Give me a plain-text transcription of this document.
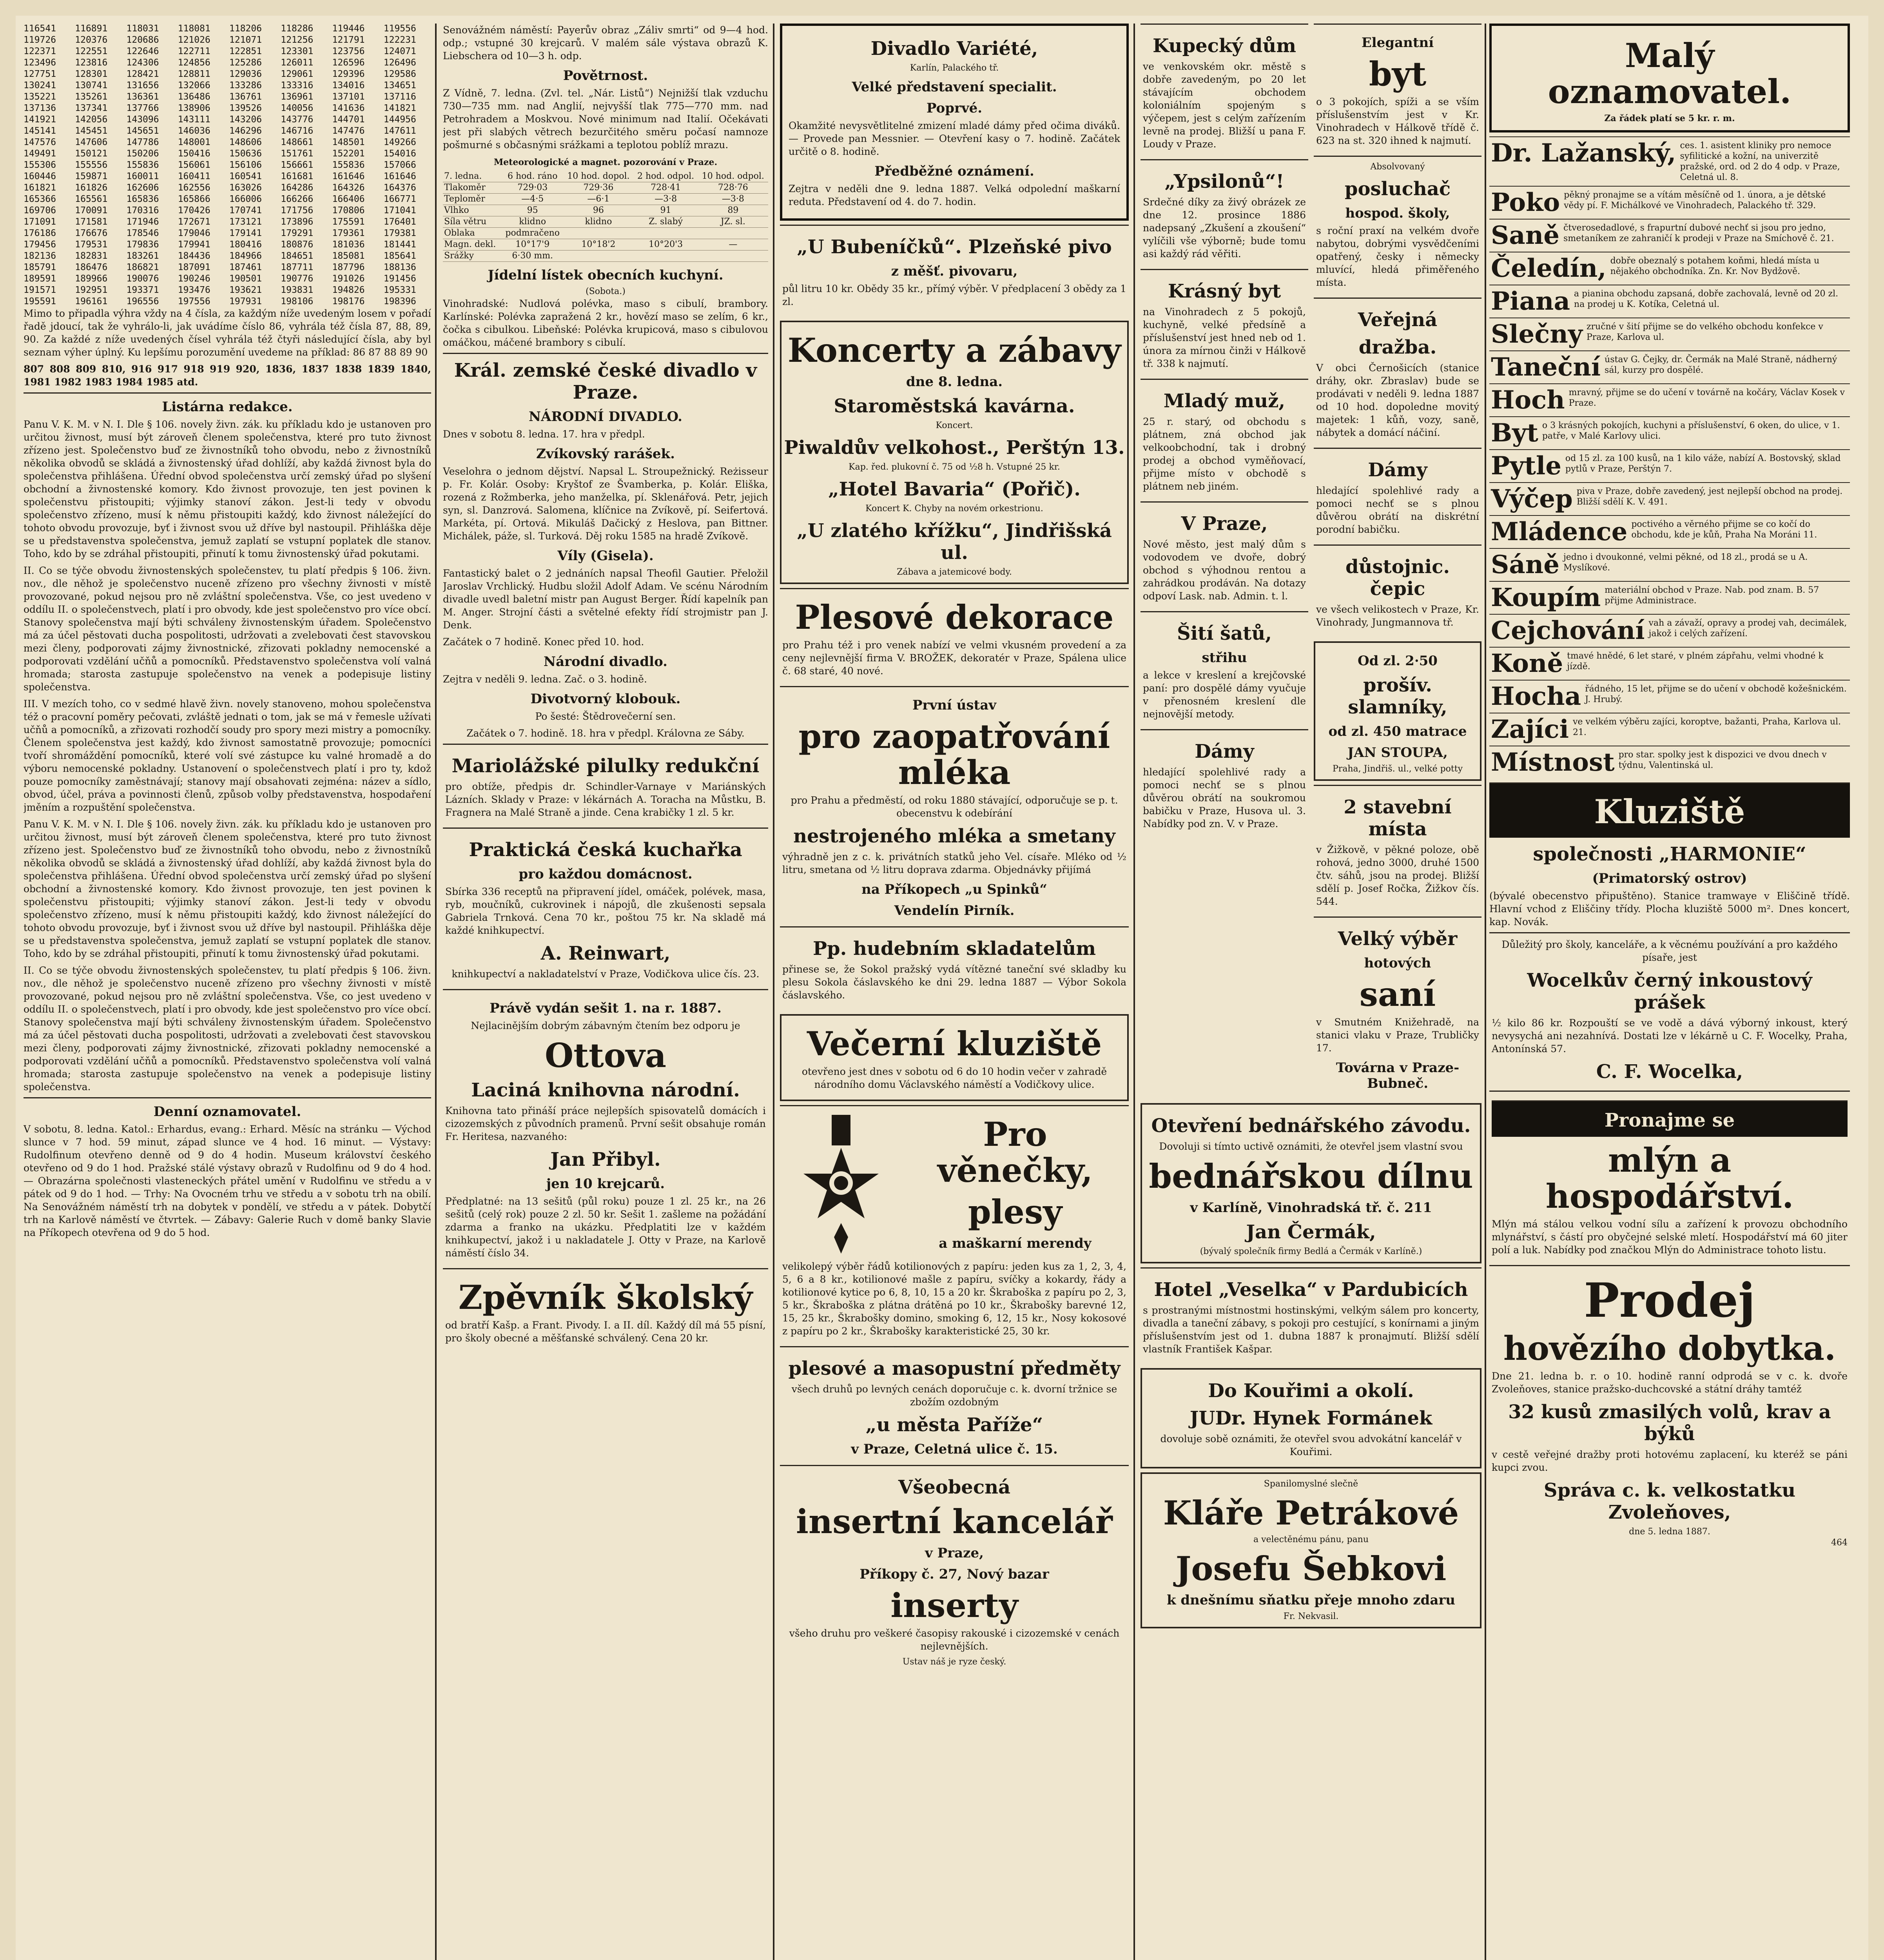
116541	116891	118031	118081	118206	118286	119446	119556
119726	120376	120686	121026	121071	121256	121791	122231
122371	122551	122646	122711	122851	123301	123756	124071
123496	123816	124306	124856	125286	126011	126596	126496
127751	128301	128421	128811	129036	129061	129396	129586
130241	130741	131656	132066	133286	133316	134016	134651
135221	135261	136361	136486	136761	136961	137101	137116
137136	137341	137766	138906	139526	140056	141636	141821
141921	142056	143096	143111	143206	143776	144701	144956
145141	145451	145651	146036	146296	146716	147476	147611
147576	147606	147786	148001	148606	148661	148501	149266
149491	150121	150206	150416	150636	151761	152201	154016
155306	155556	155836	156061	156106	156661	155836	157066
160446	159871	160011	160411	160541	161681	161646	161646
161821	161826	162606	162556	163026	164286	164326	164376
165366	165561	165836	165866	166006	166266	166406	166771
169706	170091	170316	170426	170741	171756	170806	171041
171091	171581	171946	172671	173121	173896	175591	176401
176186	176676	178546	179046	179141	179291	179361	179381
179456	179531	179836	179941	180416	180876	181036	181441
182136	182831	183261	184436	184966	184651	185081	185641
185791	186476	186821	187091	187461	187711	187796	188136
189591	189966	190076	190246	190501	190776	191026	191456
191571	192951	193371	193476	193621	193831	194826	195331
195591	196161	196556	197556	197931	198106	198176	198396

Mimo to připadla výhra vždy na 4 čísla, za každým níže uvedeným losem v pořadí řadě jdoucí, tak že vyhrálo-li, jak uvádíme číslo 86, vyhrála též čísla 87, 88, 89, 90. Za každé z níže uvedených čísel vyhrála též čtyři následující čísla, aby byl seznam výher úplný. Ku lepšímu porozumění uvedeme na příklad: 86 87 88 89 90

807 808 809 810, 916 917 918 919 920, 1836, 1837 1838 1839 1840, 1981 1982 1983 1984 1985 atd.

Listárna redakce.

Panu V. K. M. v N. I. Dle § 106. novely živn. zák. ku příkladu kdo je ustanoven pro určitou živnost, musí být zároveň členem společenstva, které pro tuto živnost zřízeno jest. Společenstvo buď ze živnostníků toho obvodu, nebo z živnostníků několika obvodů se skládá a živnostenský úřad dohlíží, aby každá živnost byla do společenstva přihlášena. Úřední obvod společenstva určí zemský úřad po slyšení obchodní a živnostenské komory. Kdo živnost provozuje, ten jest povinen k společenstvu přistoupiti; výjimky stanoví zákon. Jest-li tedy v obvodu společenstvo zřízeno, musí k němu přistoupiti každý, kdo živnost náležející do tohoto obvodu provozuje, byť i živnost svou už dříve byl nastoupil. Přihláška děje se u představenstva společenstva, jemuž zaplatí se vstupní poplatek dle stanov. Toho, kdo by se zdráhal přistoupiti, přinutí k tomu živnostenský úřad pokutami.

II. Co se týče obvodu živnostenských společenstev, tu platí předpis § 106. živn. nov., dle něhož je společenstvo nuceně zřízeno pro všechny živnosti v místě provozované, pokud nejsou pro ně zvláštní společenstva. Vše, co jest uvedeno v oddílu II. o společenstvech, platí i pro obvody, kde jest společenstvo pro více obcí. Stanovy společenstva mají býti schváleny živnostenským úřadem. Společenstvo má za účel pěstovati ducha pospolitosti, udržovati a zvelebovati čest stavovskou mezi členy, podporovati zájmy živnostnické, zřizovati pokladny nemocenské a podporovati vzdělání učňů a pomocníků. Představenstvo společenstva volí valná hromada; starosta zastupuje společenstvo na venek a podepisuje listiny společenstva.

III. V mezích toho, co v sedmé hlavě živn. novely stanoveno, mohou společenstva též o pracovní poměry pečovati, zvláště jednati o tom, jak se má v řemesle užívati učňů a pomocníků, a zřizovati rozhodčí soudy pro spory mezi mistry a pomocníky. Členem společenstva jest každý, kdo živnost samostatně provozuje; pomocníci tvoří shromáždění pomocníků, které volí své zástupce ku valné hromadě a do výboru nemocenské pokladny. Ustanovení o společenstvech platí i pro ty, kdož pouze pomocníky zaměstnávají; stanovy mají obsahovati zejména: název a sídlo, obvod, účel, práva a povinnosti členů, způsob volby představenstva, hospodaření jměním a rozpuštění společenstva.

Panu V. K. M. v N. I. Dle § 106. novely živn. zák. ku příkladu kdo je ustanoven pro určitou živnost, musí být zároveň členem společenstva, které pro tuto živnost zřízeno jest. Společenstvo buď ze živnostníků toho obvodu, nebo z živnostníků několika obvodů se skládá a živnostenský úřad dohlíží, aby každá živnost byla do společenstva přihlášena. Úřední obvod společenstva určí zemský úřad po slyšení obchodní a živnostenské komory. Kdo živnost provozuje, ten jest povinen k společenstvu přistoupiti; výjimky stanoví zákon. Jest-li tedy v obvodu společenstvo zřízeno, musí k němu přistoupiti každý, kdo živnost náležející do tohoto obvodu provozuje, byť i živnost svou už dříve byl nastoupil. Přihláška děje se u představenstva společenstva, jemuž zaplatí se vstupní poplatek dle stanov. Toho, kdo by se zdráhal přistoupiti, přinutí k tomu živnostenský úřad pokutami.

II. Co se týče obvodu živnostenských společenstev, tu platí předpis § 106. živn. nov., dle něhož je společenstvo nuceně zřízeno pro všechny živnosti v místě provozované, pokud nejsou pro ně zvláštní společenstva. Vše, co jest uvedeno v oddílu II. o společenstvech, platí i pro obvody, kde jest společenstvo pro více obcí. Stanovy společenstva mají býti schváleny živnostenským úřadem. Společenstvo má za účel pěstovati ducha pospolitosti, udržovati a zvelebovati čest stavovskou mezi členy, podporovati zájmy živnostnické, zřizovati pokladny nemocenské a podporovati vzdělání učňů a pomocníků. Představenstvo společenstva volí valná hromada; starosta zastupuje společenstvo na venek a podepisuje listiny společenstva.

Denní oznamovatel.

V sobotu, 8. ledna. Katol.: Erhardus, evang.: Erhard. Měsíc na stránku — Východ slunce v 7 hod. 59 minut, západ slunce ve 4 hod. 16 minut. — Výstavy: Rudolfinum otevřeno denně od 9 do 4 hodin. Museum království českého otevřeno od 9 do 1 hod. Pražské stálé výstavy obrazů v Rudolfinu od 9 do 4 hod. — Obrazárna společnosti vlasteneckých přátel umění v Rudolfinu ve středu a v pátek od 9 do 1 hod. — Trhy: Na Ovocném trhu ve středu a v sobotu trh na obilí. Na Senovážném náměstí trh na dobytek v pondělí, ve středu a v pátek. Dobytčí trh na Karlově náměstí ve čtvrtek. — Zábavy: Galerie Ruch v domě banky Slavie na Příkopech otevřena od 9 do 5 hod.

Senovážném náměstí: Payerův obraz „Záliv smrti“ od 9—4 hod. odp.; vstupné 30 krejcarů. V malém sále výstava obrazů K. Liebschera od 10—3 h. odp.

Povětrnost.

Z Vídně, 7. ledna. (Zvl. tel. „Nár. Listů“) Nejnižší tlak vzduchu 730—735 mm. nad Anglií, nejvyšší tlak 775—770 mm. nad Petrohradem a Moskvou. Nové minimum nad Italií. Očekávati jest při slabých větrech bezurčitého směru počasí namnoze pošmurné s občasnými srážkami a teplotou poblíž mrazu.

Meteorologické a magnet. pozorování v Praze.
7. ledna.	6 hod. ráno	10 hod. dopol.	2 hod. odpol.	10 hod. odpol.
Tlakoměr	729·03	729·36	728·41	728·76
Teploměr	—4·5	—6·1	—3·8	—3·8
Vlhko	95	96	91	89
Síla větru	klidno	klidno	Z. slabý	JZ. sl.
Oblaka	podmračeno			
Magn. dekl.	10°17'9	10°18'2	10°20'3	—
Srážky	6·30 mm.			
Jídelní lístek obecních kuchyní.
(Sobota.)

Vinohradské: Nudlová polévka, maso s cibulí, brambory. Karlínské: Polévka zapražená 2 kr., hovězí maso se zelím, 6 kr., čočka s cibulkou. Libeňské: Polévka krupicová, maso s cibulovou omáčkou, máčené brambory s cibulí.

Král. zemské české divadlo v Praze.
NÁRODNÍ DIVADLO.

Dnes v sobotu 8. ledna. 17. hra v předpl.

Zvíkovský rarášek.

Veselohra o jednom dějství. Napsal L. Stroupežnický. Reżisseur p. Fr. Kolár. Osoby: Kryštof ze Švamberka, p. Kolár. Eliška, rozená z Rožmberka, jeho manželka, pí. Sklenářová. Petr, jejich syn, sl. Danzrová. Salomena, klíčnice na Zvíkově, pí. Seifertová. Markéta, pí. Ortová. Mikuláš Dačický z Heslova, pan Bittner. Michálek, páže, sl. Turková. Děj roku 1585 na hradě Zvíkově.

Víly (Gisela).

Fantastický balet o 2 jednáních napsal Theofil Gautier. Přeložil Jaroslav Vrchlický. Hudbu složil Adolf Adam. Ve scénu Národním divadle uvedl baletní mistr pan August Berger. Řídí kapelník pan M. Anger. Strojní části a světelné efekty řídí strojmistr pan J. Denk.

Začátek o 7 hodině. Konec před 10. hod.

Národní divadlo.

Zejtra v neděli 9. ledna. Zač. o 3. hodině.

Divotvorný klobouk.

Po šesté: Štědrovečerní sen.

Začátek o 7. hodině. 18. hra v předpl. Královna ze Sáby.

Mariolážské pilulky redukční

pro obtíže, předpis dr. Schindler-Varnaye v Mariánských Lázních. Sklady v Praze: v lékárnách A. Toracha na Můstku, B. Fragnera na Malé Straně a jinde. Cena krabičky 1 zl. 5 kr.

Praktická česká kuchařka
pro každou domácnost.

Sbírka 336 receptů na připravení jídel, omáček, polévek, masa, ryb, moučníků, cukrovinek i nápojů, dle zkušenosti sepsala Gabriela Trnková. Cena 70 kr., poštou 75 kr. Na skladě má každé knihkupectví.

A. Reinwart,

knihkupectví a nakladatelství v Praze, Vodičkova ulice čís. 23.

Právě vydán sešit 1. na r. 1887.

Nejlacinějším dobrým zábavným čtením bez odporu je

Ottova
Laciná knihovna národní.

Knihovna tato přináší práce nejlepších spisovatelů domácích i cizozemských z původních pramenů. První sešit obsahuje román Fr. Heritesa, nazvaného:

Jan Přibyl.
jen 10 krejcarů.

Předplatné: na 13 sešitů (půl roku) pouze 1 zl. 25 kr., na 26 sešitů (celý rok) pouze 2 zl. 50 kr. Sešit 1. zašleme na požádání zdarma a franko na ukázku. Předplatiti lze v každém knihkupectví, jakož i u nakladatele J. Otty v Praze, na Karlově náměstí číslo 34.

Zpěvník školský

od bratří Kašp. a Frant. Pivody. I. a II. díl. Každý díl má 55 písní, pro školy obecné a měšťanské schválený. Cena 20 kr.

Divadlo Variété,
Karlín, Palackého tř.
Velké představení specialit.
Poprvé.

Okamžité nevysvětlitelné zmizení mladé dámy před očima diváků. — Provede pan Messnier. — Otevření kasy o 7. hodině. Začátek určitě o 8. hodině.

Předběžné oznámení.

Zejtra v neděli dne 9. ledna 1887. Velká odpolední maškarní reduta. Představení od 4. do 7. hodin.

„U Bubeníčků“. Plzeňské pivo
z měšť. pivovaru,

půl litru 10 kr. Obědy 35 kr., přímý výběr. V předplacení 3 obědy za 1 zl.

Koncerty a zábavy
dne 8. ledna.
Staroměstská kavárna.
Koncert.
Piwaldův velkohost., Perštýn 13.
Kap. řed. plukovní č. 75 od ½8 h. Vstupné 25 kr.
„Hotel Bavaria“ (Pořič).
Koncert K. Chyby na novém orkestrionu.
„U zlatého křížku“, Jindřišská ul.
Zábava a jatemicové body.
Plesové dekorace

pro Prahu též i pro venek nabízí ve velmi vkusném provedení a za ceny nejlevnější firma V. BROŽEK, dekoratér v Praze, Spálena ulice č. 68 staré, 40 nové.

První ústav
pro zaopatřování mléka

pro Prahu a předměstí, od roku 1880 stávající, odporučuje se p. t. obecenstvu k odebírání

nestrojeného mléka a smetany

výhradně jen z c. k. privátních statků jeho Vel. císaře. Mléko od ½ litru, smetana od ½ litru doprava zdarma. Objednávky přijímá

na Příkopech „u Spinků“
Vendelín Pirník.
Pp. hudebním skladatelům

přinese se, že Sokol pražský vydá vítězné taneční své skladby ku plesu Sokola čáslavského ke dni 29. ledna 1887 — Výbor Sokola čáslavského.

Večerní kluziště

otevřeno jest dnes v sobotu od 6 do 10 hodin večer v zahradě národního domu Václavského náměstí a Vodičkovy ulice.

Pro věnečky,
plesy
a maškarní merendy

velikolepý výběr řádů kotilionových z papíru: jeden kus za 1, 2, 3, 4, 5, 6 a 8 kr., kotilionové mašle z papíru, svíčky a kokardy, řády a kotilionové kytice po 6, 8, 10, 15 a 20 kr. Škraboška z papíru po 2, 3, 5 kr., Škraboška z plátna drátěná po 10 kr., Škrabošky barevné 12, 15, 25 kr., Škrabošky domino, smoking 6, 12, 15 kr., Nosy kokosové z papíru po 2 kr., Škrabošky karakteristické 25, 30 kr.

plesové a masopustní předměty

všech druhů po levných cenách doporučuje c. k. dvorní tržnice se zbožím ozdobným

„u města Paříže“
v Praze, Celetná ulice č. 15.
Všeobecná
insertní kancelář
v Praze,
Příkopy č. 27, Nový bazar
inserty

všeho druhu pro veškeré časopisy rakouské i cizozemské v cenách nejlevnějších.

Ustav náš je ryze český.
Kupecký dům

ve venkovském okr. městě s dobře zavedeným, po 20 let stávajícím obchodem koloniálním spojeným s výčepem, jest s celým zařízením levně na prodej. Bližší u pana F. Loudy v Praze.

„Ypsilonů“!

Srdečné díky za živý obrázek ze dne 12. prosince 1886 nadepsaný „Zkušení a zkoušení“ vylíčili vše výborně; bude tomu asi každý rád věřiti.

Krásný byt

na Vinohradech z 5 pokojů, kuchyně, velké předsíně a příslušenství jest hned neb od 1. února za mírnou činži v Hálkově tř. 338 k najmutí.

Mladý muž,

25 r. starý, od obchodu s plátnem, zná obchod jak velkoobchodní, tak i drobný prodej a obchod vyměňovací, přijme místo v obchodě s plátnem neb jiném.

V Praze,

Nové město, jest malý dům s vodovodem ve dvoře, dobrý obchod s výhodnou rentou a zahrádkou prodáván. Na dotazy odpoví Lask. nab. Admin. t. l.

Šití šatů,
střihu

a lekce v kreslení a krejčovské paní: pro dospělé dámy vyučuje v přenosném kreslení dle nejnovější metody.

Dámy

hledající spolehlivé rady a pomoci nechť se s plnou důvěrou obrátí na soukromou babičku v Praze, Husova ul. 3. Nabídky pod zn. V. v Praze.

Elegantní
byt

o 3 pokojích, spíži a se vším příslušenstvím jest v Kr. Vinohradech v Hálkově třídě č. 623 na st. 320 ihned k najmutí.

Absolvovaný
posluchač
hospod. školy,

s roční praxí na velkém dvoře nabytou, dobrými vysvědčeními opatřený, česky i německy mluvící, hledá přiměřeného místa.

Veřejná
dražba.

V obci Černošicích (stanice dráhy, okr. Zbraslav) bude se prodávati v neděli 9. ledna 1887 od 10 hod. dopoledne movitý majetek: 1 kůň, vozy, saně, nábytek a domácí náčiní.

Dámy

hledající spolehlivé rady a pomoci nechť se s plnou důvěrou obrátí na diskrétní porodní babičku.

důstojnic. čepic

ve všech velikostech v Praze, Kr. Vinohrady, Jungmannova tř.

Od zl. 2·50
prošív. slamníky,
od zl. 450 matrace
JAN STOUPA,
Praha, Jindřiš. ul., velké potty
2 stavební místa

v Žižkově, v pěkné poloze, obě rohová, jedno 3000, druhé 1500 čtv. sáhů, jsou na prodej. Bližší sdělí p. Josef Ročka, Žižkov čís. 544.

Velký výběr
hotových
saní

v Smutném Knižehradě, na stanici vlaku v Praze, Trubličky 17.

Továrna v Praze-Bubneč.
Otevření bednářského závodu.

Dovoluji si tímto uctivě oznámiti, že otevřel jsem vlastní svou

bednářskou dílnu
v Karlíně, Vinohradská tř. č. 211
Jan Čermák,
(bývalý společník firmy Bedlá a Čermák v Karlíně.)
Hotel „Veselka“ v Pardubicích

s prostranými místnostmi hostinskými, velkým sálem pro koncerty, divadla a taneční zábavy, s pokoji pro cestující, s konírnami a jiným příslušenstvím jest od 1. dubna 1887 k pronajmutí. Bližší sdělí vlastník František Kašpar.

Do Kouřimi a okolí.
JUDr. Hynek Formánek

dovoluje sobě oznámiti, že otevřel svou advokátní kancelář v Kouřimi.

Spanilomyslné slečně
Kláře Petrákové
a velectěnému pánu, panu
Josefu Šebkovi
k dnešnímu sňatku přeje mnoho zdaru
Fr. Nekvasil.
Malý oznamovatel.
Za řádek platí se 5 kr. r. m.
Dr. Lažanský, ces. 1. asistent kliniky pro nemoce syfilitické a kožní, na univerzitě pražské, ord. od 2 do 4 odp. v Praze, Celetná ul. 8.
Poko pěkný pronajme se a vítám měsíčně od 1. února, a je dětské vědy pí. F. Michálkové ve Vinohradech, Palackého tř. 329.
Saně čtverosedadlové, s frapurtní dubové nechť si jsou pro jedno, smetaníkem ze zahraničí k prodeji v Praze na Smíchově č. 21.
Čeledín, dobře obeznalý s potahem koňmi, hledá místa u nějakého obchodníka. Zn. Kr. Nov Bydžově.
Piana a pianina obchodu zapsaná, dobře zachovalá, levně od 20 zl. na prodej u K. Kotíka, Celetná ul.
Slečny zručné v šití přijme se do velkého obchodu konfekce v Praze, Karlova ul.
Taneční ústav G. Čejky, dr. Čermák na Malé Straně, nádherný sál, kurzy pro dospělé.
Hoch mravný, přijme se do učení v továrně na kočáry, Václav Kosek v Praze.
Byt o 3 krásných pokojích, kuchyni a příslušenství, 6 oken, do ulice, v 1. patře, v Malé Karlovy ulici.
Pytle od 15 zl. za 100 kusů, na 1 kilo váže, nabízí A. Bostovský, sklad pytlů v Praze, Perštýn 7.
Výčep piva v Praze, dobře zavedený, jest nejlepší obchod na prodej. Bližší sdělí K. V. 491.
Mládence poctivého a věrného přijme se co kočí do obchodu, kde je kůň, Praha Na Moráni 11.
Sáně jedno i dvoukonné, velmi pěkné, od 18 zl., prodá se u A. Myslíkové.
Koupím materiální obchod v Praze. Nab. pod znam. B. 57 přijme Administrace.
Cejchování vah a závaží, opravy a prodej vah, decimálek, jakož i celých zařízení.
Koně tmavé hnědé, 6 let staré, v plném zápřahu, velmi vhodné k jízdě.
Hocha řádného, 15 let, přijme se do učení v obchodě kožešnickém. J. Hrubý.
Zajíci ve velkém výběru zajíci, koroptve, bažanti, Praha, Karlova ul. 21.
Místnost pro star. spolky jest k dispozici ve dvou dnech v týdnu, Valentinská ul.
Kluziště
společnosti „HARMONIE“
(Primatorský ostrov)

(bývalé obecenstvo připuštěno). Stanice tramwaye v Eliščině třídě. Hlavní vchod z Eliščiny třídy. Plocha kluziště 5000 m². Dnes koncert, kap. Novák.

Důležitý pro školy, kanceláře, a k věcnému používání a pro každého písaře, jest

Wocelkův černý inkoustový prášek

½ kilo 86 kr. Rozpouští se ve vodě a dává výborný inkoust, který nevysychá ani nezahnívá. Dostati lze v lékárně u C. F. Wocelky, Praha, Antonínská 57.

C. F. Wocelka,
Pronajme se
mlýn a hospodářství.

Mlýn má stálou velkou vodní sílu a zařízení k provozu obchodního mlynářství, s částí pro obyčejné selské mletí. Hospodářství má 60 jiter polí a luk. Nabídky pod značkou Mlýn do Administrace tohoto listu.

Prodej
hovězího dobytka.

Dne 21. ledna b. r. o 10. hodině ranní odprodá se v c. k. dvoře Zvoleňoves, stanice pražsko-duchcovské a státní dráhy tamtéž

32 kusů zmasilých volů, krav a býků

v cestě veřejné dražby proti hotovému zaplacení, ku kteréž se páni kupci zvou.

Správa c. k. velkostatku Zvoleňoves,
dne 5. ledna 1887.
464
